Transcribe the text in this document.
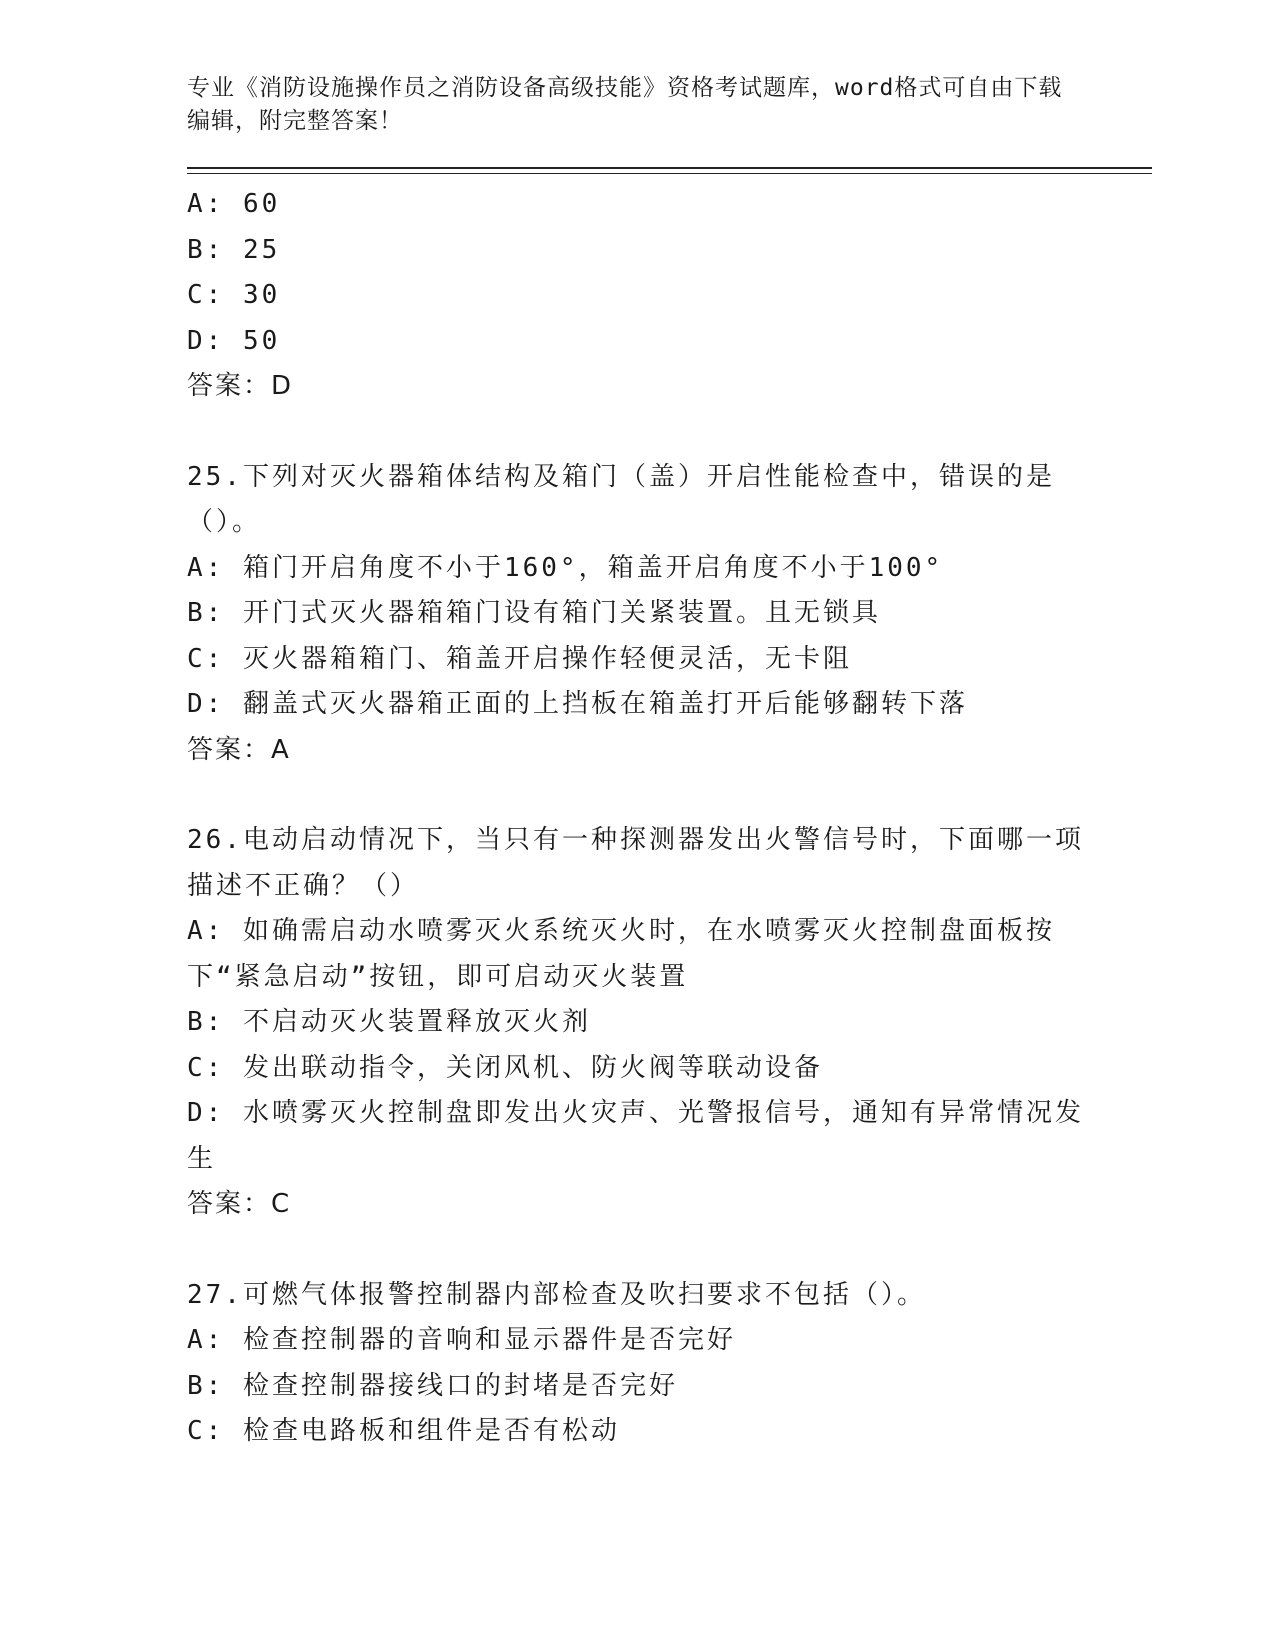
专业《消防设施操作员之消防设备高级技能》资格考试题库，word格式可自由下载编辑，附完整答案！
A: 60
B: 25
C: 30
D: 50
答案：D
25.下列对灭火器箱体结构及箱门（盖）开启性能检查中，错误的是（）。
A: 箱门开启角度不小于160°，箱盖开启角度不小于100°
B: 开门式灭火器箱箱门设有箱门关紧装置。且无锁具
C: 灭火器箱箱门、箱盖开启操作轻便灵活，无卡阻
D: 翻盖式灭火器箱正面的上挡板在箱盖打开后能够翻转下落
答案：A
26.电动启动情况下，当只有一种探测器发出火警信号时，下面哪一项描述不正确？（）
A: 如确需启动水喷雾灭火系统灭火时，在水喷雾灭火控制盘面板按下“紧急启动”按钮，即可启动灭火装置
B: 不启动灭火装置释放灭火剂
C: 发出联动指令，关闭风机、防火阀等联动设备
D: 水喷雾灭火控制盘即发出火灾声、光警报信号，通知有异常情况发生
答案：C
27.可燃气体报警控制器内部检查及吹扫要求不包括（）。
A: 检查控制器的音响和显示器件是否完好
B: 检查控制器接线口的封堵是否完好
C: 检查电路板和组件是否有松动
